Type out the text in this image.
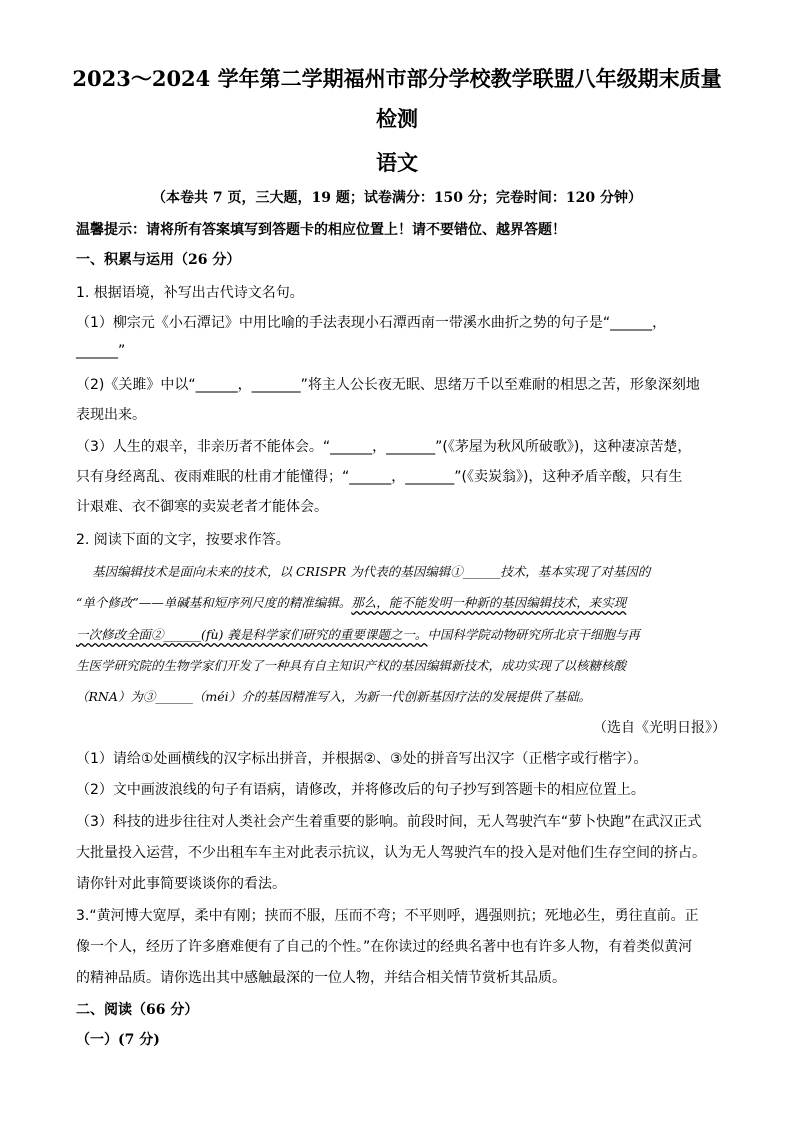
2023～2024 学年第二学期福州市部分学校教学联盟八年级期末质量
检测
语文
（本卷共 7 页，三大题，19 题；试卷满分：150 分；完卷时间：120 分钟）
温馨提示：请将所有答案填写到答题卡的相应位置上！请不要错位、越界答题！
一、积累与运用（26 分）
1. 根据语境，补写出古代诗文名句。
（1）柳宗元《小石潭记》中用比喻的手法表现小石潭西南一带溪水曲折之势的句子是“______，
______”
（2)《关雎》中以“______，_______”将主人公长夜无眠、思绪万千以至难耐的相思之苦，形象深刻地
表现出来。
（3）人生的艰辛，非亲历者不能体会。“______，_______”(《茅屋为秋风所破歌》)，这种凄凉苦楚，
只有身经离乱、夜雨难眠的杜甫才能懂得；“______，_______”(《卖炭翁》)，这种矛盾辛酸，只有生
计艰难、衣不御寒的卖炭老者才能体会。
2. 阅读下面的文字，按要求作答。
基因编辑技术是面向未来的技术，以 CRISPR 为代表的基因编辑①______技术，基本实现了对基因的
“单个修改”——单碱基和短序列尺度的精准编辑。那么，能不能发明一种新的基因编辑技术，来实现
一次修改全面②______(fù) 義是科学家们研究的重要课题之一。中国科学院动物研究所北京干细胞与再
生医学研究院的生物学家们开发了一种具有自主知识产权的基因编辑新技术，成功实现了以核糖核酸
（RNA）为③______（méi）介的基因精准写入，为新一代创新基因疗法的发展提供了基础。
（选自《光明日报》）
（1）请给①处画横线的汉字标出拼音，并根据②、③处的拼音写出汉字（正楷字或行楷字）。
（2）文中画波浪线的句子有语病，请修改，并将修改后的句子抄写到答题卡的相应位置上。
（3）科技的进步往往对人类社会产生着重要的影响。前段时间，无人驾驶汽车“萝卜快跑”在武汉正式
大批量投入运营，不少出租车车主对此表示抗议，认为无人驾驶汽车的投入是对他们生存空间的挤占。
请你针对此事简要谈谈你的看法。
3.“黄河博大宽厚，柔中有刚；挟而不服，压而不弯；不平则呼，遇强则抗；死地必生，勇往直前。正
像一个人，经历了许多磨难便有了自己的个性。”在你读过的经典名著中也有许多人物，有着类似黄河
的精神品质。请你选出其中感触最深的一位人物，并结合相关情节赏析其品质。
二、阅读（66 分）
（一）(7 分)
